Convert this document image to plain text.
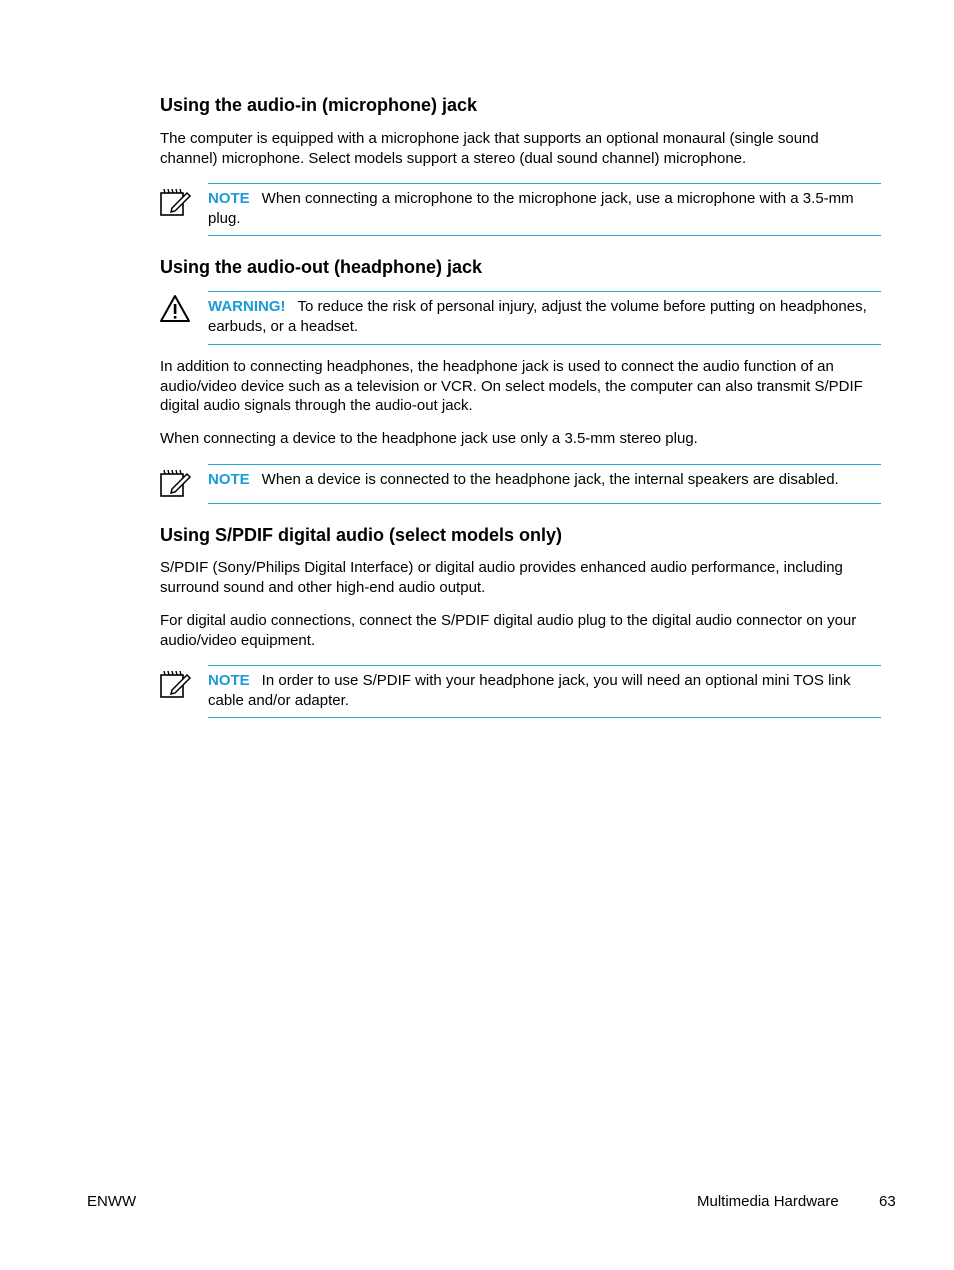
Using the audio-in (microphone) jack

The computer is equipped with a microphone jack that supports an optional monaural (single sound channel) microphone. Select models support a stereo (dual sound channel) microphone.

NOTE When connecting a microphone to the microphone jack, use a microphone with a 3.5-mm plug.
Using the audio-out (headphone) jack
WARNING! To reduce the risk of personal injury, adjust the volume before putting on headphones, earbuds, or a headset.

In addition to connecting headphones, the headphone jack is used to connect the audio function of an audio/video device such as a television or VCR. On select models, the computer can also transmit S/PDIF digital audio signals through the audio-out jack.

When connecting a device to the headphone jack use only a 3.5-mm stereo plug.

NOTE When a device is connected to the headphone jack, the internal speakers are disabled.
Using S/PDIF digital audio (select models only)

S/PDIF (Sony/Philips Digital Interface) or digital audio provides enhanced audio performance, including surround sound and other high-end audio output.

For digital audio connections, connect the S/PDIF digital audio plug to the digital audio connector on your audio/video equipment.

NOTE In order to use S/PDIF with your headphone jack, you will need an optional mini TOS link cable and/or adapter.
ENWW	Multimedia Hardware	63
